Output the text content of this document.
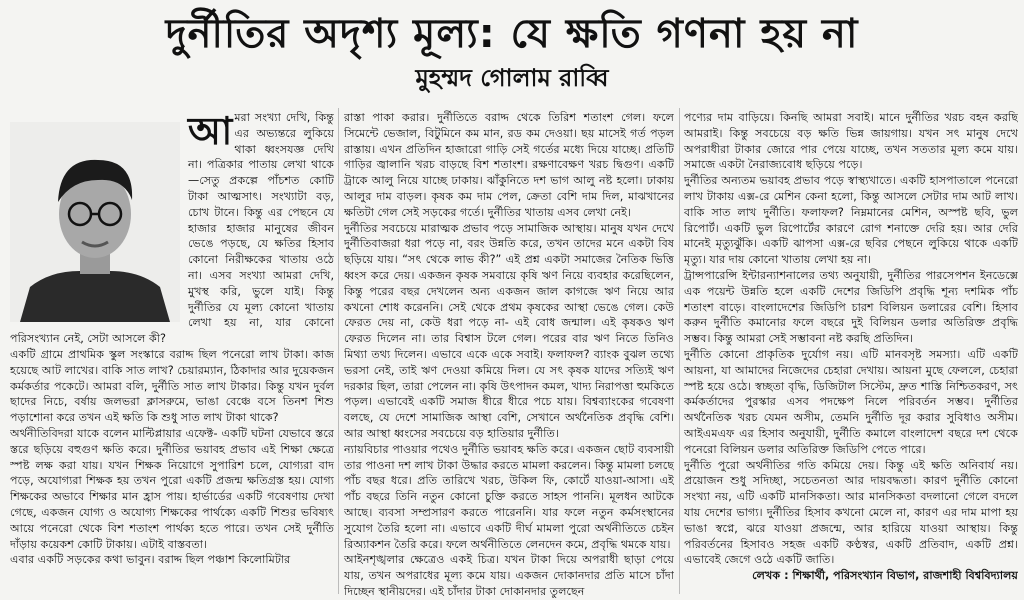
দুর্নীতির অদৃশ্য মূল্য: যে ক্ষতি গণনা হয় না
মুহম্মদ গোলাম রাব্বি
আ মরা সংখ্যা দেখি, কিন্তু এর অভ্যন্তরে লুকিয়ে থাকা ধ্বংসযজ্ঞ দেখি না। পত্রিকার পাতায় লেখা থাকে—সেতু প্রকল্পে পাঁচশত কোটি টাকা আত্মসাৎ। সংখ্যাটা বড়, চোখ টানে। কিন্তু এর পেছনে যে হাজার হাজার মানুষের জীবন ভেঙে পড়ছে, যে ক্ষতির হিসাব কোনো নিরীক্ষকের খাতায় ওঠে না। এসব সংখ্যা আমরা দেখি, মুখস্থ করি, ভুলে যাই। কিন্তু দুর্নীতির যে মূল্য কোনো খাতায় লেখা হয় না, যার কোনো পরিসংখ্যান নেই, সেটা আসলে কী?

একটি গ্রামে প্রাথমিক স্কুল সংস্কারে বরাদ্দ ছিল পনেরো লাখ টাকা। কাজ হয়েছে আট লাখের। বাকি সাত লাখ? চেয়ারম্যান, ঠিকাদার আর দুয়েকজন কর্মকর্তার পকেটে। আমরা বলি, দুর্নীতি সাত লাখ টাকার। কিন্তু যখন দুর্বল ছাদের নিচে, বর্ষায় জলভরা ক্লাসরুমে, ভাঙা বেঞ্চে বসে তিনশ শিশু পড়াশোনা করে তখন এই ক্ষতি কি শুধু সাত লাখ টাকা থাকে?

অর্থনীতিবিদরা যাকে বলেন মাল্টিপ্লায়ার এফেক্ট- একটি ঘটনা যেভাবে স্তরে স্তরে ছড়িয়ে বহুগুণ ক্ষতি করে। দুর্নীতির ভয়াবহ প্রভাব এই শিক্ষা ক্ষেত্রে স্পষ্ট লক্ষ করা যায়। যখন শিক্ষক নিয়োগে সুপারিশ চলে, যোগ্যরা বাদ পড়ে, অযোগ্যরা শিক্ষক হয় তখন পুরো একটি প্রজন্ম ক্ষতিগ্রস্ত হয়। যোগ্য শিক্ষকের অভাবে শিক্ষার মান হ্রাস পায়। হার্ভার্ডের একটি গবেষণায় দেখা গেছে, একজন যোগ্য ও অযোগ্য শিক্ষকের পার্থক্যে একটি শিশুর ভবিষ্যৎ আয়ে পনেরো থেকে বিশ শতাংশ পার্থক্য হতে পারে। তখন সেই দুর্নীতি দাঁড়ায় কয়েকশ কোটি টাকায়। এটাই বাস্তবতা।

এবার একটি সড়কের কথা ভাবুন। বরাদ্দ ছিল পঞ্চাশ কিলোমিটার

রাস্তা পাকা করার। দুর্নীতিতে বরাদ্দ থেকে তিরিশ শতাংশ গেল। ফলে সিমেন্টে ভেজাল, বিটুমিনে কম মান, রড কম দেওয়া। ছয় মাসেই গর্ত পড়ল রাস্তায়। এখন প্রতিদিন হাজারো গাড়ি সেই গর্তের মধ্যে দিয়ে যাচ্ছে। প্রতিটি গাড়ির জ্বালানি খরচ বাড়ছে বিশ শতাংশ। রক্ষণাবেক্ষণ খরচ দ্বিগুণ। একটি ট্রাকে আলু নিয়ে যাচ্ছে ঢাকায়। ঝাঁকুনিতে দশ ভাগ আলু নষ্ট হলো। ঢাকায় আলুর দাম বাড়ল। কৃষক কম দাম পেল, ক্রেতা বেশি দাম দিল, মাঝখানের ক্ষতিটা গেল সেই সড়কের গর্তে। দুর্নীতির খাতায় এসব লেখা নেই।

দুর্নীতির সবচেয়ে মারাত্মক প্রভাব পড়ে সামাজিক আস্থায়। মানুষ যখন দেখে দুর্নীতিবাজরা ধরা পড়ে না, বরং উন্নতি করে, তখন তাদের মনে একটা বিষ ছড়িয়ে যায়। “সৎ থেকে লাভ কী?” এই প্রশ্ন একটা সমাজের নৈতিক ভিত্তি ধ্বংস করে দেয়। একজন কৃষক সমবায়ে কৃষি ঋণ নিয়ে ব্যবহার করেছিলেন, কিন্তু পরের বছর দেখলেন অন্য একজন জাল কাগজে ঋণ নিয়ে আর কখনো শোধ করেননি। সেই থেকে প্রথম কৃষকের আস্থা ভেঙে গেল। কেউ ফেরত দেয় না, কেউ ধরা পড়ে না- এই বোধ জন্মাল। এই কৃষকও ঋণ ফেরত দিলেন না। তার বিশ্বাস টলে গেল। পরের বার ঋণ নিতে তিনিও মিথ্যা তথ্য দিলেন। এভাবে একে একে সবাই। ফলাফল? ব্যাংক বুঝল তথ্যে ভরসা নেই, তাই ঋণ দেওয়া কমিয়ে দিল। যে সৎ কৃষক যাদের সত্যিই ঋণ দরকার ছিল, তারা পেলেন না। কৃষি উৎপাদন কমল, খাদ্য নিরাপত্তা হুমকিতে পড়ল। এভাবেই একটি সমাজ ধীরে ধীরে পচে যায়। বিশ্বব্যাংকের গবেষণা বলছে, যে দেশে সামাজিক আস্থা বেশি, সেখানে অর্থনৈতিক প্রবৃদ্ধি বেশি। আর আস্থা ধ্বংসের সবচেয়ে বড় হাতিয়ার দুর্নীতি।

ন্যায়বিচার পাওয়ার পথেও দুর্নীতি ভয়াবহ ক্ষতি করে। একজন ছোট ব্যবসায়ী তার পাওনা দশ লাখ টাকা উদ্ধার করতে মামলা করলেন। কিন্তু মামলা চলছে পাঁচ বছর ধরে। প্রতি তারিখে খরচ, উকিল ফি, কোর্টে যাওয়া-আসা। এই পাঁচ বছরে তিনি নতুন কোনো চুক্তি করতে সাহস পাননি। মূলধন আটকে আছে। ব্যবসা সম্প্রসারণ করতে পারেননি। যার ফলে নতুন কর্মসংস্থানের সুযোগ তৈরি হলো না। এভাবে একটি দীর্ঘ মামলা পুরো অর্থনীতিতে চেইন রিঅ্যাকশন তৈরি করে। ফলে অর্থনীতিতে লেনদেন কমে, প্রবৃদ্ধি থমকে যায়।

আইনশৃঙ্খলার ক্ষেত্রেও একই চিত্র। যখন টাকা দিয়ে অপরাধী ছাড়া পেয়ে যায়, তখন অপরাধের মূল্য কমে যায়। একজন দোকানদার প্রতি মাসে চাঁদা দিচ্ছেন স্থানীয়দের। এই চাঁদার টাকা দোকানদার তুলছেন

পণ্যের দাম বাড়িয়ে। কিনছি আমরা সবাই। মানে দুর্নীতির খরচ বহন করছি আমরাই। কিন্তু সবচেয়ে বড় ক্ষতি ভিন্ন জায়গায়। যখন সৎ মানুষ দেখে অপরাধীরা টাকার জোরে পার পেয়ে যাচ্ছে, তখন সততার মূল্য কমে যায়। সমাজে একটা নৈরাজ্যবোধ ছড়িয়ে পড়ে।

দুর্নীতির অন্যতম ভয়াবহ প্রভাব পড়ে স্বাস্থ্যখাতে। একটি হাসপাতালে পনেরো লাখ টাকায় এক্স-রে মেশিন কেনা হলো, কিন্তু আসলে সেটার দাম আট লাখ। বাকি সাত লাখ দুর্নীতি। ফলাফল? নিম্নমানের মেশিন, অস্পষ্ট ছবি, ভুল রিপোর্ট। একটি ভুল রিপোর্টের কারণে রোগ শনাক্তে দেরি হয়। আর দেরি মানেই মৃত্যুঝুঁকি। একটি ঝাপসা এক্স-রে ছবির পেছনে লুকিয়ে থাকে একটি মৃত্যু। যার দায় কোনো খাতায় লেখা হয় না।

ট্রান্সপারেন্সি ইন্টারন্যাশনালের তথ্য অনুযায়ী, দুর্নীতির পারসেপশন ইনডেক্সে এক পয়েন্ট উন্নতি হলে একটি দেশের জিডিপি প্রবৃদ্ধি শূন্য দশমিক পাঁচ শতাংশ বাড়ে। বাংলাদেশের জিডিপি চারশ বিলিয়ন ডলারের বেশি। হিসাব করুন দুর্নীতি কমানোর ফলে বছরে দুই বিলিয়ন ডলার অতিরিক্ত প্রবৃদ্ধি সম্ভব। কিন্তু আমরা সেই সম্ভাবনা নষ্ট করছি প্রতিদিন।

দুর্নীতি কোনো প্রাকৃতিক দুর্যোগ নয়। এটি মানবসৃষ্ট সমস্যা। এটি একটি আয়না, যা আমাদের নিজেদের চেহারা দেখায়। আয়না মুছে ফেললে, চেহারা স্পষ্ট হয়ে ওঠে। স্বচ্ছতা বৃদ্ধি, ডিজিটাল সিস্টেম, দ্রুত শাস্তি নিশ্চিতকরণ, সৎ কর্মকর্তাদের পুরস্কার এসব পদক্ষেপ নিলে পরিবর্তন সম্ভব। দুর্নীতির অর্থনৈতিক খরচ যেমন অসীম, তেমনি দুর্নীতি দূর করার সুবিধাও অসীম। আইএমএফ এর হিসাব অনুযায়ী, দুর্নীতি কমালে বাংলাদেশ বছরে দশ থেকে পনেরো বিলিয়ন ডলার অতিরিক্ত জিডিপি পেতে পারে।

দুর্নীতি পুরো অর্থনীতির গতি কমিয়ে দেয়। কিন্তু এই ক্ষতি অনিবার্য নয়। প্রয়োজন শুধু সদিচ্ছা, সচেতনতা আর দায়বদ্ধতা। কারণ দুর্নীতি কোনো সংখ্যা নয়, এটি একটি মানসিকতা। আর মানসিকতা বদলানো গেলে বদলে যায় দেশের ভাগ্য। দুর্নীতির হিসাব কখনো মেলে না, কারণ এর দাম মাপা হয় ভাঙা স্বপ্নে, ঝরে যাওয়া প্রজন্মে, আর হারিয়ে যাওয়া আস্থায়। কিন্তু পরিবর্তনের হিসাবও সহজ একটি কণ্ঠস্বর, একটি প্রতিবাদ, একটি প্রশ্ন। এভাবেই জেগে ওঠে একটি জাতি।

লেখক : শিক্ষার্থী, পরিসংখ্যান বিভাগ, রাজশাহী বিশ্ববিদ্যালয়
